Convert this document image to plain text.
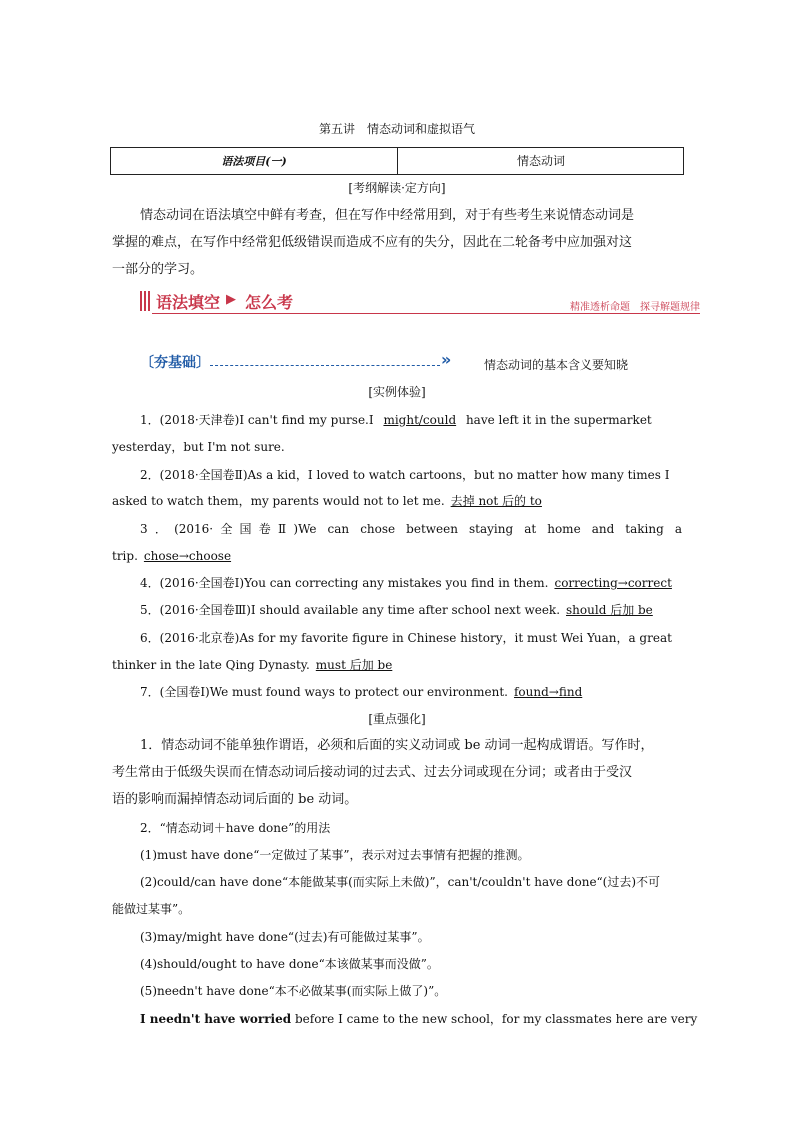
第五讲　情态动词和虚拟语气
语法项目(一)	情态动词
[考纲解读·定方向]
情态动词在语法填空中鲜有考查，但在写作中经常用到，对于有些考生来说情态动词是
掌握的难点，在写作中经常犯低级错误而造成不应有的失分，因此在二轮备考中应加强对这
一部分的学习。
语法填空 ▶ 怎么考	精准透析命题　探寻解题规律
〔夯基础〕	»	情态动词的基本含义要知晓
[实例体验]
1．(2018·天津卷)I can't find my purse.I might/could have left it in the supermarket
yesterday，but I'm not sure.
2．(2018·全国卷Ⅱ)As a kid，I loved to watch cartoons，but no matter how many times I
asked to watch them，my parents would not to let me. 去掉 not 后的 to
3．(2016·全国卷Ⅱ)We can chose between staying at home and taking a
trip. chose→choose
4．(2016·全国卷Ⅰ)You can correcting any mistakes you find in them. correcting→correct
5．(2016·全国卷Ⅲ)I should available any time after school next week. should 后加 be
6．(2016·北京卷)As for my favorite figure in Chinese history，it must Wei Yuan，a great
thinker in the late Qing Dynasty. must 后加 be
7．(全国卷Ⅰ)We must found ways to protect our environment. found→find
[重点强化]
1．情态动词不能单独作谓语，必须和后面的实义动词或 be 动词一起构成谓语。写作时，
考生常由于低级失误而在情态动词后接动词的过去式、过去分词或现在分词；或者由于受汉
语的影响而漏掉情态动词后面的 be 动词。
2．“情态动词＋have done”的用法
(1)must have done“一定做过了某事”，表示对过去事情有把握的推测。
(2)could/can have done“本能做某事(而实际上未做)”，can't/couldn't have done“(过去)不可
能做过某事”。
(3)may/might have done“(过去)有可能做过某事”。
(4)should/ought to have done“本该做某事而没做”。
(5)needn't have done“本不必做某事(而实际上做了)”。
I needn't have worried before I came to the new school，for my classmates here are very
